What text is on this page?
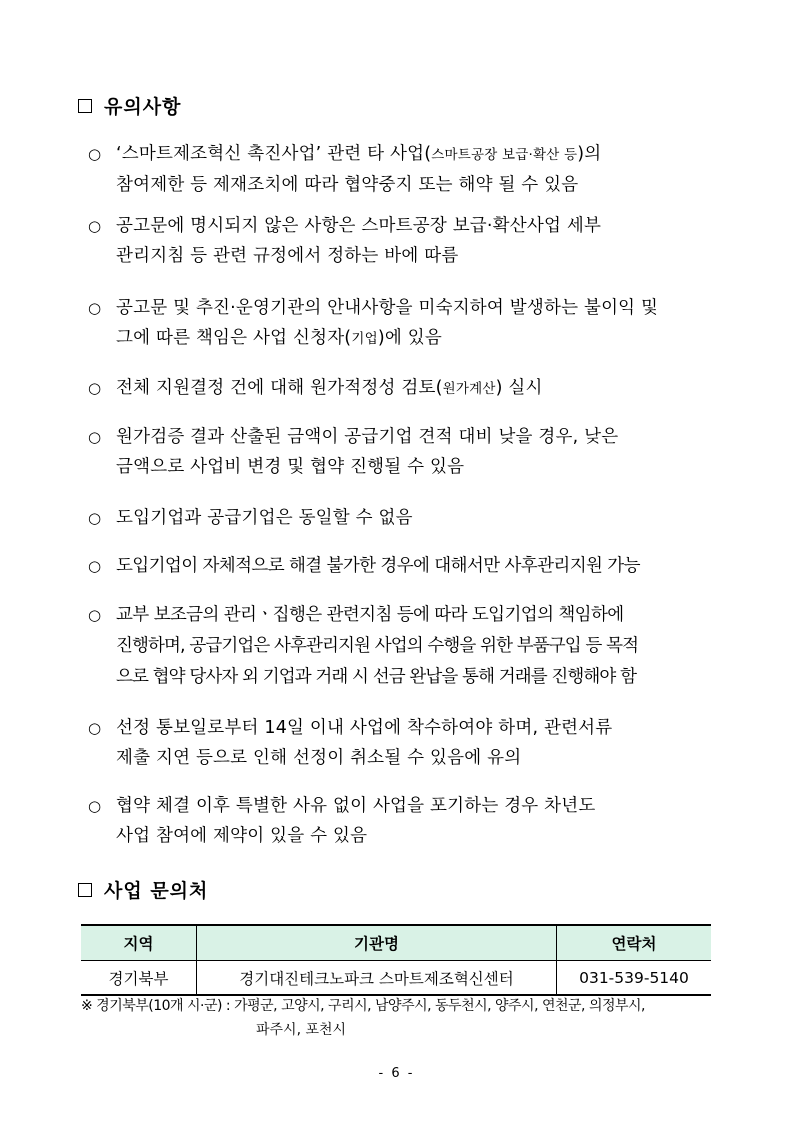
유의사항
○ ‘스마트제조혁신 촉진사업’ 관련 타 사업(스마트공장 보급·확산 등)의
참여제한 등 제재조치에 따라 협약중지 또는 해약 될 수 있음
○ 공고문에 명시되지 않은 사항은 스마트공장 보급·확산사업 세부
관리지침 등 관련 규정에서 정하는 바에 따름
○ 공고문 및 추진·운영기관의 안내사항을 미숙지하여 발생하는 불이익 및
그에 따른 책임은 사업 신청자(기업)에 있음
○ 전체 지원결정 건에 대해 원가적정성 검토(원가계산) 실시
○ 원가검증 결과 산출된 금액이 공급기업 견적 대비 낮을 경우, 낮은
금액으로 사업비 변경 및 협약 진행될 수 있음
○ 도입기업과 공급기업은 동일할 수 없음
○ 도입기업이 자체적으로 해결 불가한 경우에 대해서만 사후관리지원 가능
○ 교부 보조금의 관리ㆍ집행은 관련지침 등에 따라 도입기업의 책임하에
진행하며, 공급기업은 사후관리지원 사업의 수행을 위한 부품구입 등 목적
으로 협약 당사자 외 기업과 거래 시 선금 완납을 통해 거래를 진행해야 함
○ 선정 통보일로부터 14일 이내 사업에 착수하여야 하며, 관련서류
제출 지연 등으로 인해 선정이 취소될 수 있음에 유의
○ 협약 체결 이후 특별한 사유 없이 사업을 포기하는 경우 차년도
사업 참여에 제약이 있을 수 있음
사업 문의처
지역	기관명	연락처
경기북부	경기대진테크노파크 스마트제조혁신센터	031-539-5140
※ 경기북부(10개 시·군) : 가평군, 고양시, 구리시, 남양주시, 동두천시, 양주시, 연천군, 의정부시,
파주시, 포천시
- 6 -
